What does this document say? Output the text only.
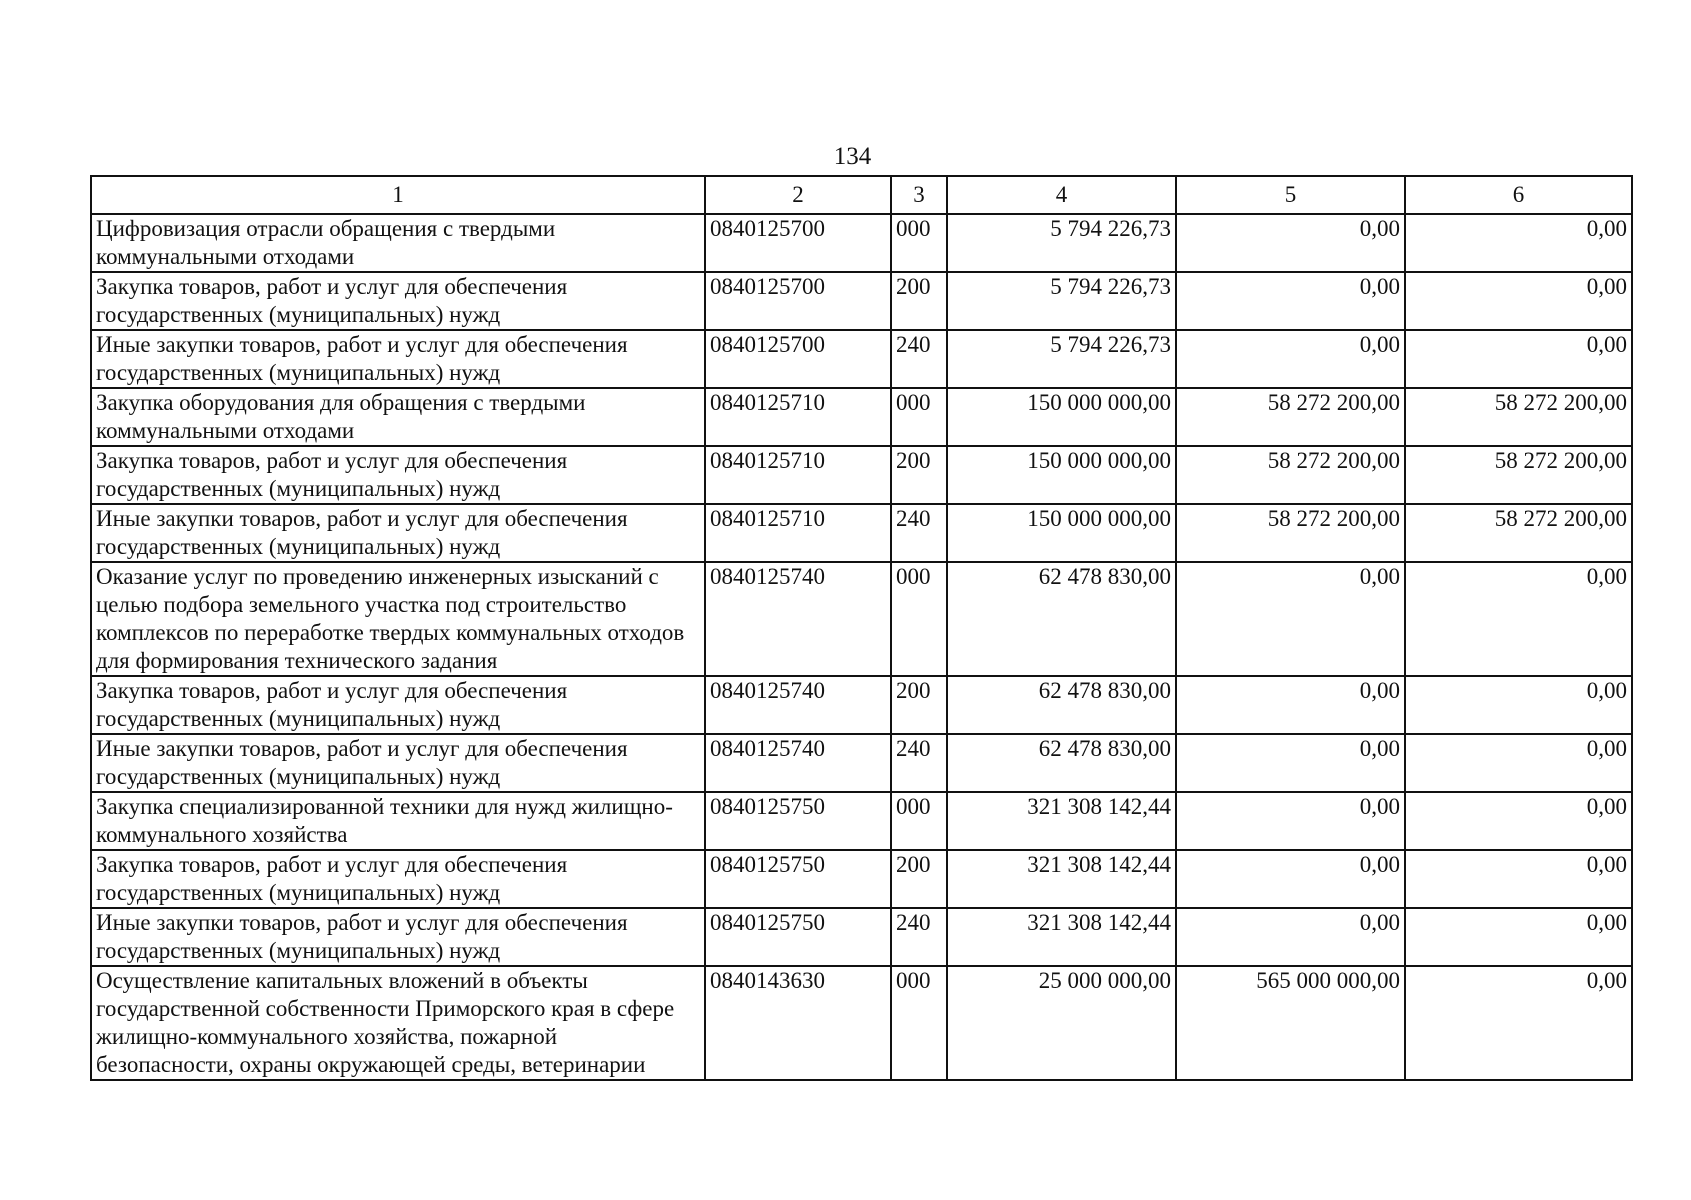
134
1	2	3	4	5	6
Цифровизация отрасли обращения с твердыми коммунальными отходами	0840125700	000	5 794 226,73	0,00	0,00
Закупка товаров, работ и услуг для обеспечения государственных (муниципальных) нужд	0840125700	200	5 794 226,73	0,00	0,00
Иные закупки товаров, работ и услуг для обеспечения государственных (муниципальных) нужд	0840125700	240	5 794 226,73	0,00	0,00
Закупка оборудования для обращения с твердыми коммунальными отходами	0840125710	000	150 000 000,00	58 272 200,00	58 272 200,00
Закупка товаров, работ и услуг для обеспечения государственных (муниципальных) нужд	0840125710	200	150 000 000,00	58 272 200,00	58 272 200,00
Иные закупки товаров, работ и услуг для обеспечения государственных (муниципальных) нужд	0840125710	240	150 000 000,00	58 272 200,00	58 272 200,00
Оказание услуг по проведению инженерных изысканий с целью подбора земельного участка под строительство комплексов по переработке твердых коммунальных отходов для формирования технического задания	0840125740	000	62 478 830,00	0,00	0,00
Закупка товаров, работ и услуг для обеспечения государственных (муниципальных) нужд	0840125740	200	62 478 830,00	0,00	0,00
Иные закупки товаров, работ и услуг для обеспечения государственных (муниципальных) нужд	0840125740	240	62 478 830,00	0,00	0,00
Закупка специализированной техники для нужд жилищно-коммунального хозяйства	0840125750	000	321 308 142,44	0,00	0,00
Закупка товаров, работ и услуг для обеспечения государственных (муниципальных) нужд	0840125750	200	321 308 142,44	0,00	0,00
Иные закупки товаров, работ и услуг для обеспечения государственных (муниципальных) нужд	0840125750	240	321 308 142,44	0,00	0,00
Осуществление капитальных вложений в объекты государственной собственности Приморского края в сфере жилищно-коммунального хозяйства, пожарной безопасности, охраны окружающей среды, ветеринарии	0840143630	000	25 000 000,00	565 000 000,00	0,00
